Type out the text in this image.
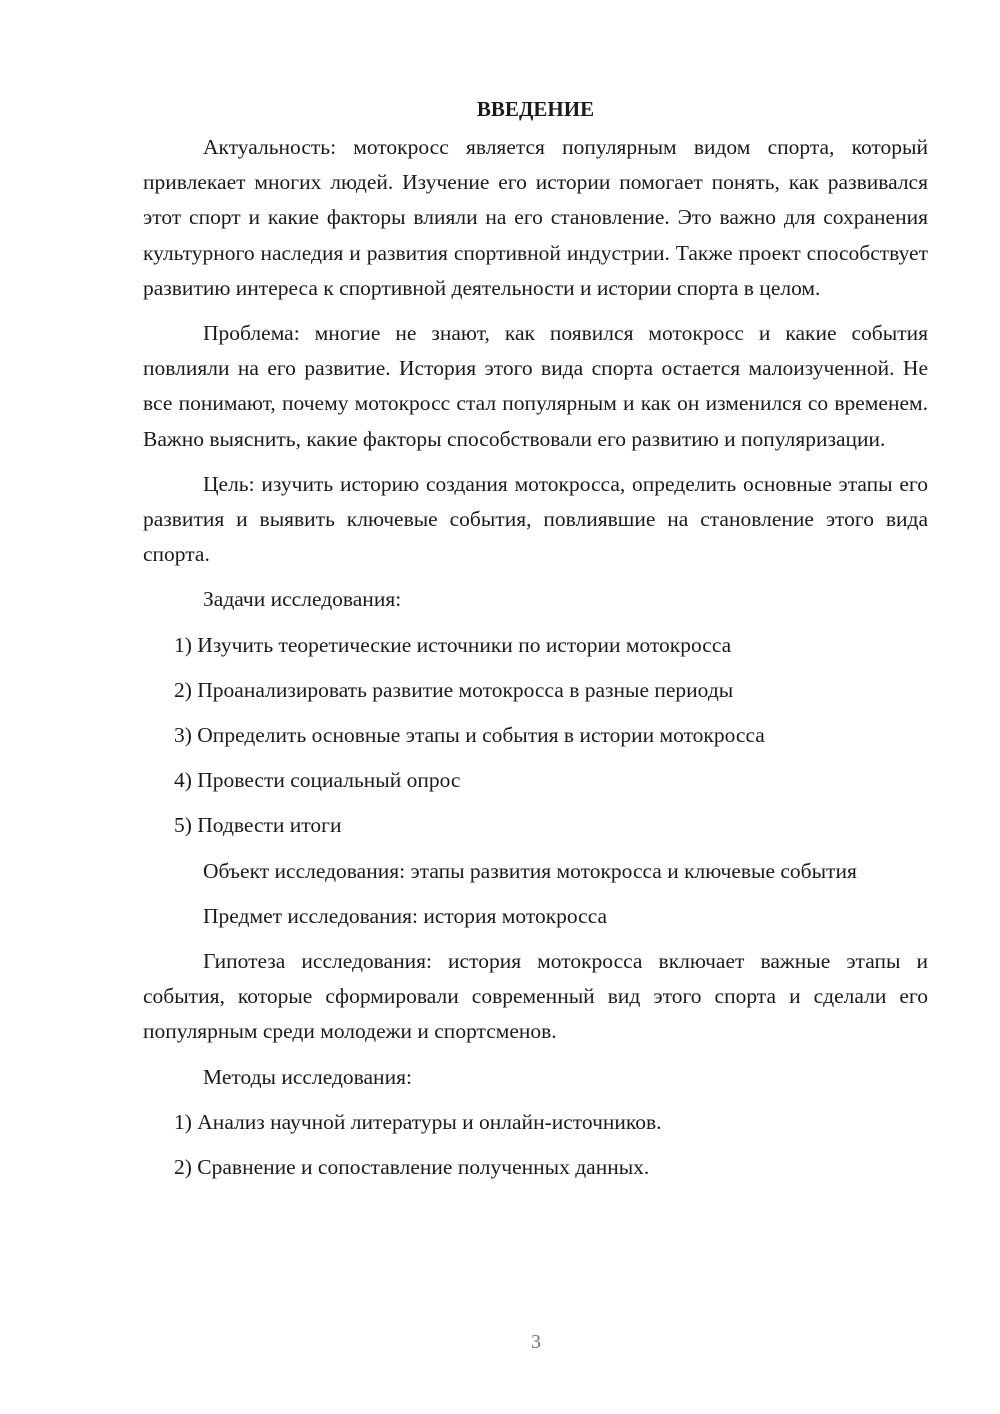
ВВЕДЕНИЕ

Актуальность: мотокросс является популярным видом спорта, который привлекает многих людей. Изучение его истории помогает понять, как развивался этот спорт и какие факторы влияли на его становление. Это важно для сохранения культурного наследия и развития спортивной индустрии. Также проект способствует развитию интереса к спортивной деятельности и истории спорта в целом.

Проблема: многие не знают, как появился мотокросс и какие события повлияли на его развитие. История этого вида спорта остается малоизученной. Не все понимают, почему мотокросс стал популярным и как он изменился со временем. Важно выяснить, какие факторы способствовали его развитию и популяризации.

Цель: изучить историю создания мотокросса, определить основные этапы его развития и выявить ключевые события, повлиявшие на становление этого вида спорта.

Задачи исследования:

1) Изучить теоретические источники по истории мотокросса
2) Проанализировать развитие мотокросса в разные периоды
3) Определить основные этапы и события в истории мотокросса
4) Провести социальный опрос
5) Подвести итоги

Объект исследования: этапы развития мотокросса и ключевые события

Предмет исследования: история мотокросса

Гипотеза исследования: история мотокросса включает важные этапы и события, которые сформировали современный вид этого спорта и сделали его популярным среди молодежи и спортсменов.

Методы исследования:

1) Анализ научной литературы и онлайн-источников.
2) Сравнение и сопоставление полученных данных.
3
